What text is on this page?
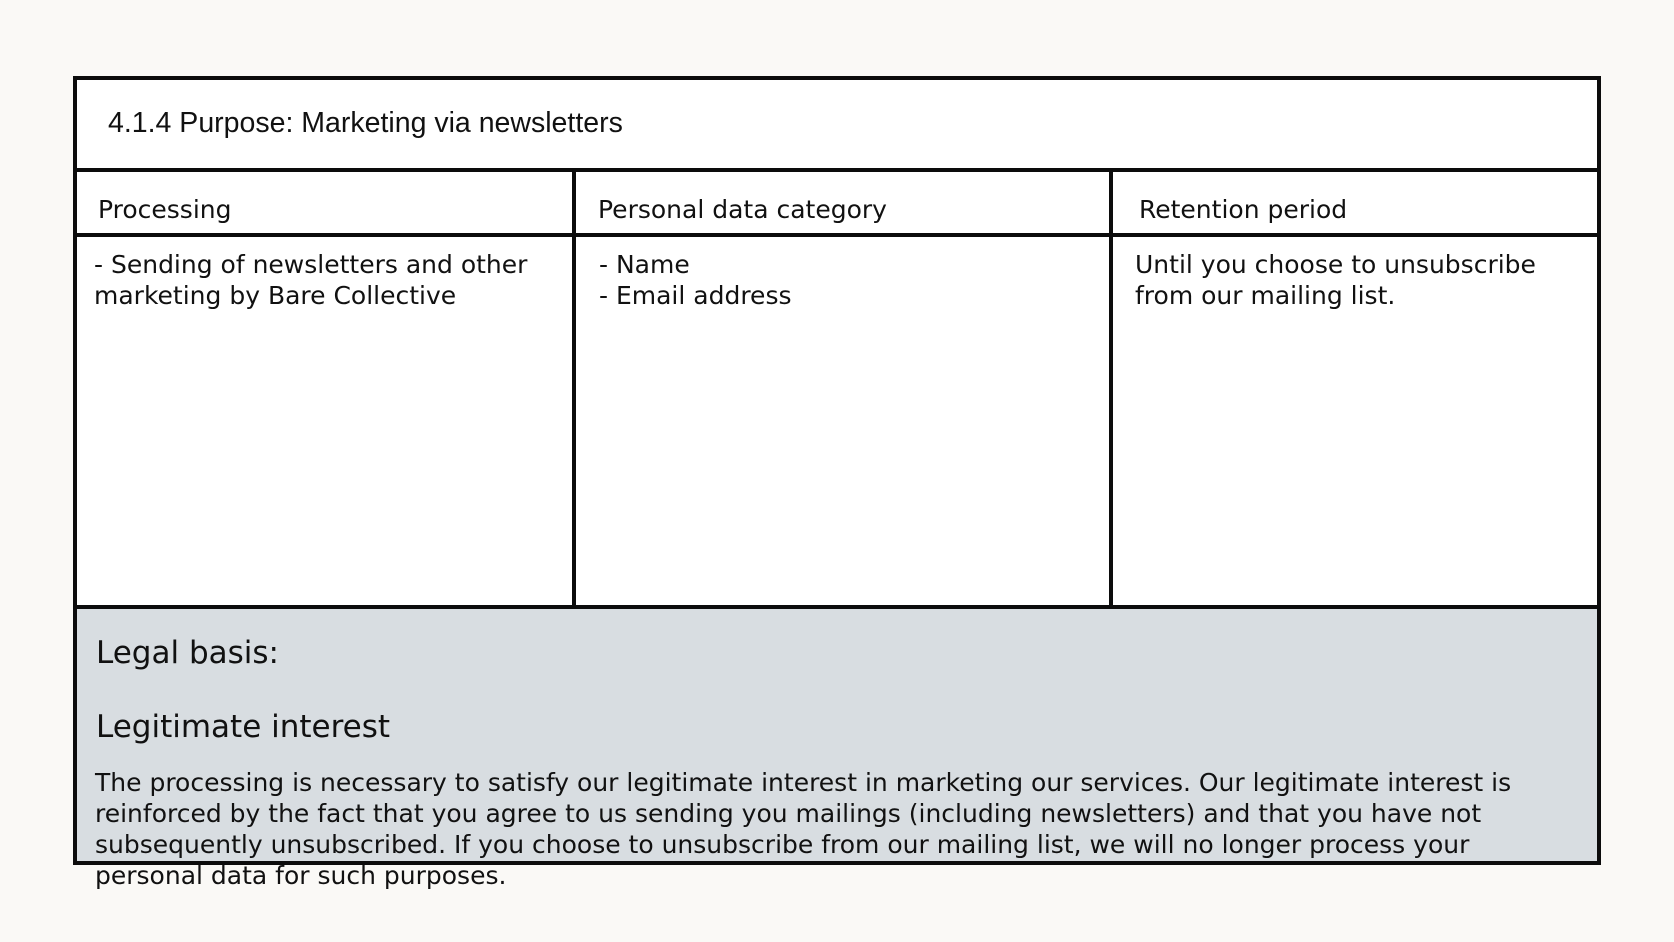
4.1.4 Purpose: Marketing via newsletters
Processing	Personal data category	Retention period
- Sending of newsletters and other
marketing by Bare Collective
- Name
- Email address
Until you choose to unsubscribe
from our mailing list.
Legal basis:
Legitimate interest
The processing is necessary to satisfy our legitimate interest in marketing our services. Our legitimate interest is
reinforced by the fact that you agree to us sending you mailings (including newsletters) and that you have not
subsequently unsubscribed. If you choose to unsubscribe from our mailing list, we will no longer process your
personal data for such purposes.
